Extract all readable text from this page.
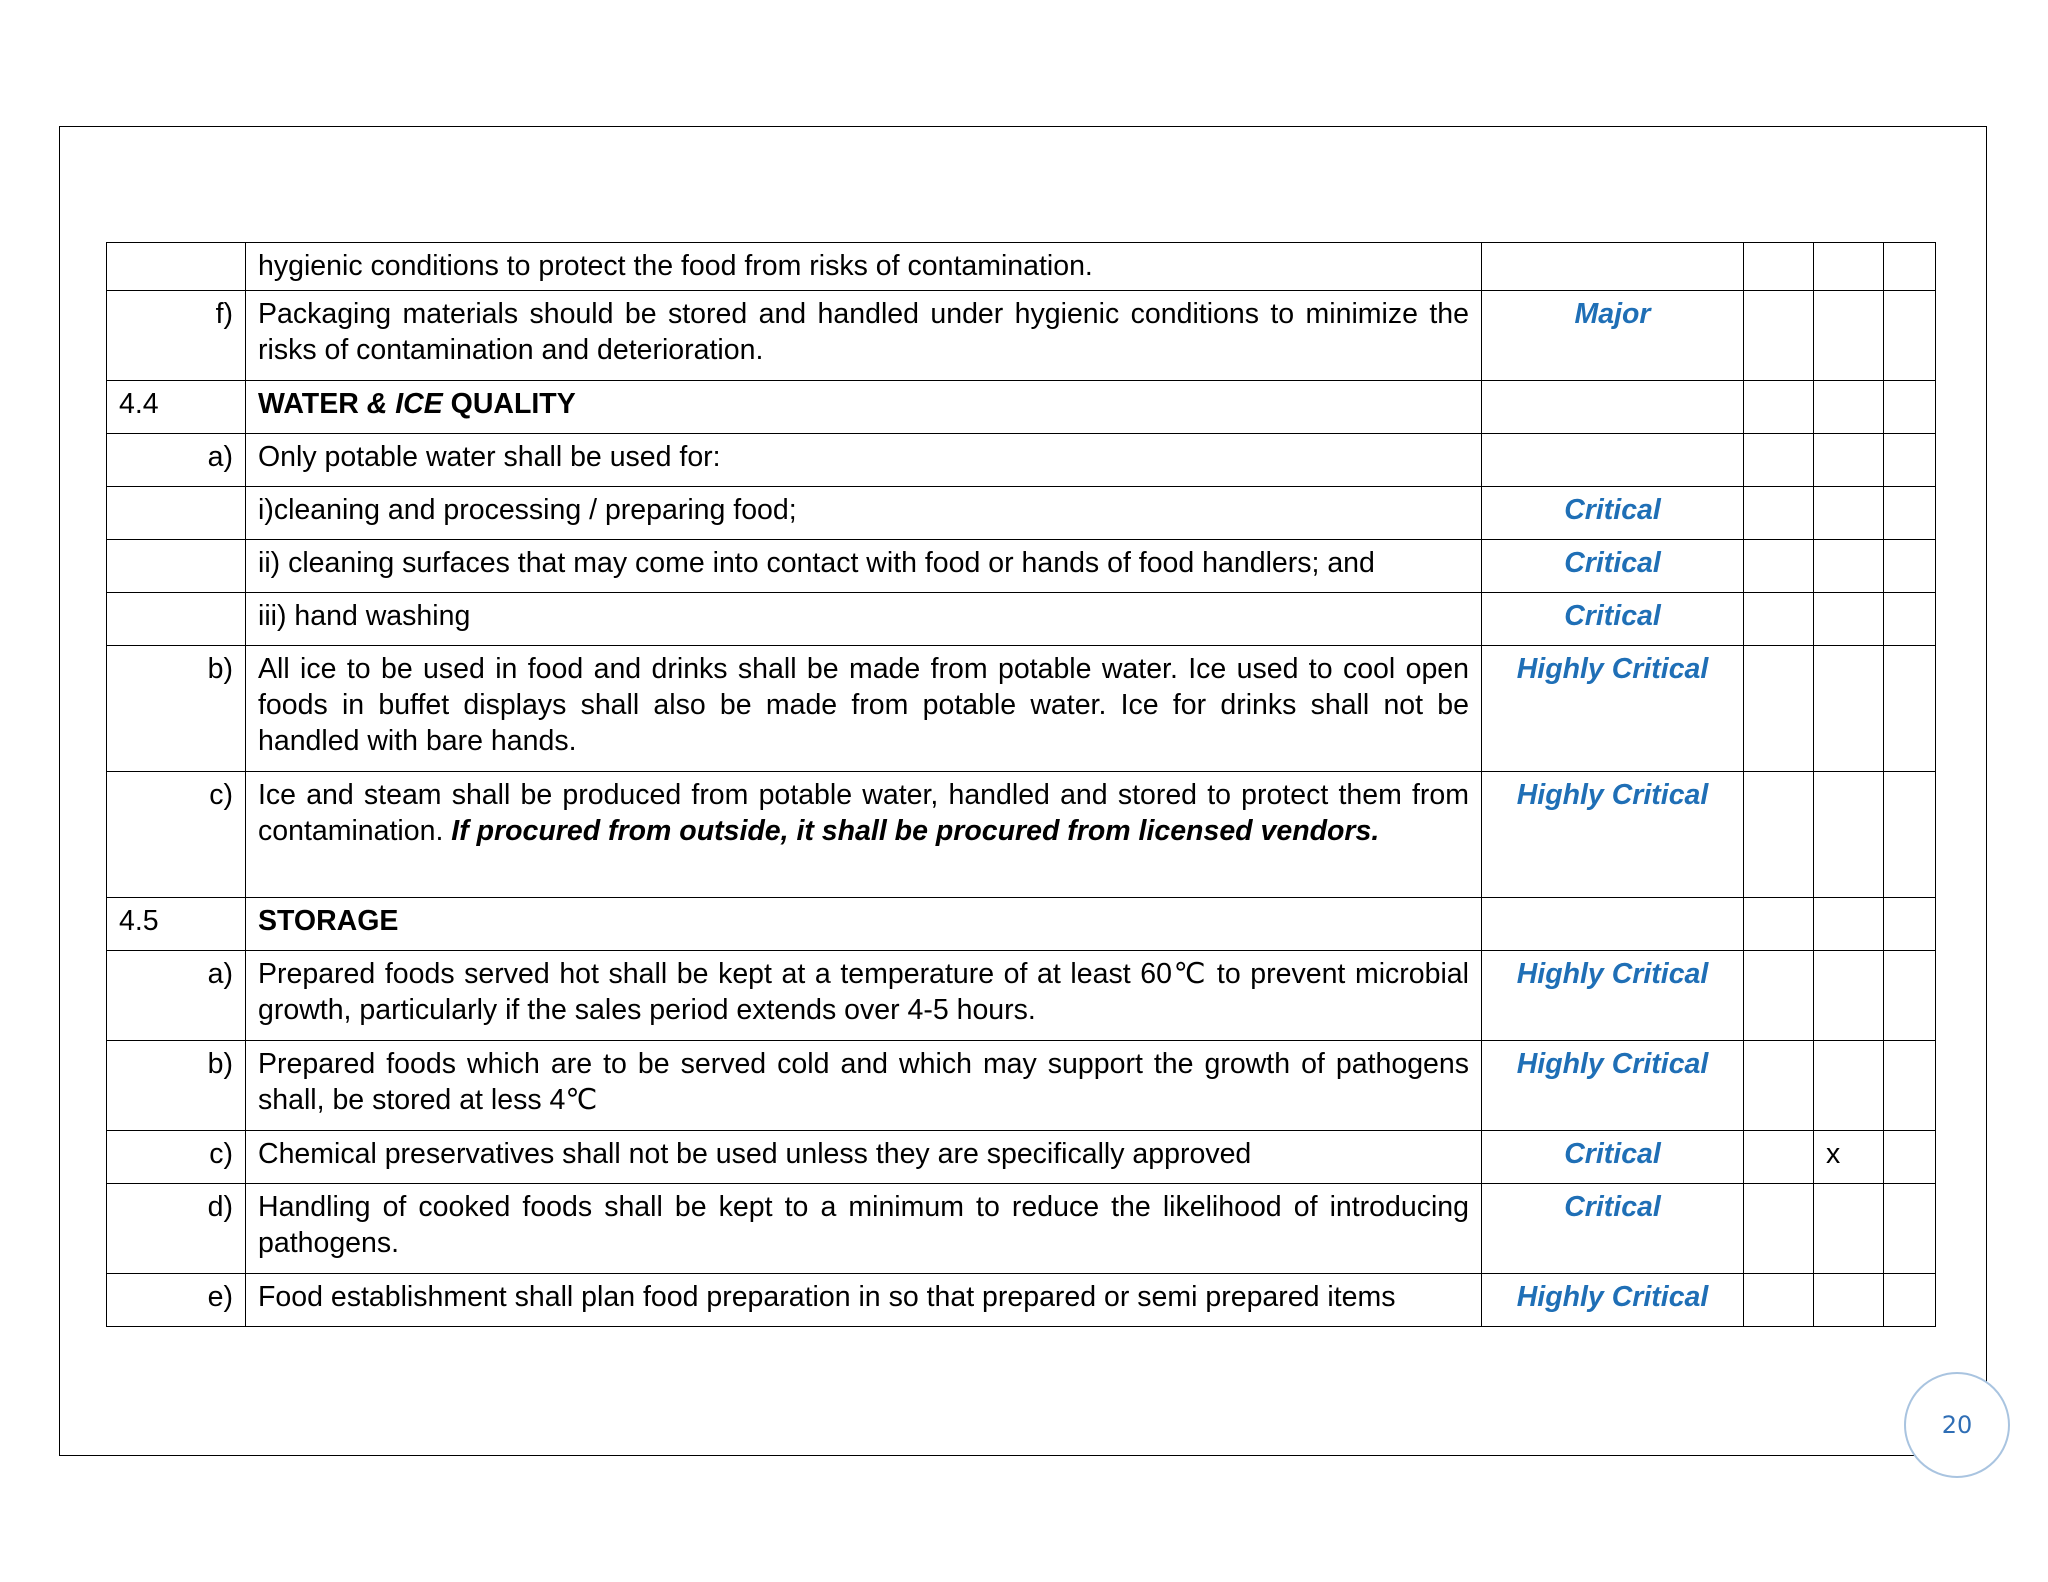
	hygienic conditions to protect the food from risks of contamination.				
f)	Packaging materials should be stored and handled under hygienic conditions to minimize the risks of contamination and deterioration.	Major			
4.4	WATER & ICE QUALITY				
a)	Only potable water shall be used for:				
	i)cleaning and processing / preparing food;	Critical			
	ii) cleaning surfaces that may come into contact with food or hands of food handlers; and	Critical			
	iii) hand washing	Critical			
b)	All ice to be used in food and drinks shall be made from potable water. Ice used to cool open foods in buffet displays shall also be made from potable water. Ice for drinks shall not be handled with bare hands.	Highly Critical			
c)	Ice and steam shall be produced from potable water, handled and stored to protect them from contamination. If procured from outside, it shall be procured from licensed vendors.	Highly Critical			
4.5	STORAGE				
a)	Prepared foods served hot shall be kept at a temperature of at least 60℃ to prevent microbial growth, particularly if the sales period extends over 4-5 hours.	Highly Critical			
b)	Prepared foods which are to be served cold and which may support the growth of pathogens shall, be stored at less 4℃	Highly Critical			
c)	Chemical preservatives shall not be used unless they are specifically approved	Critical		x	
d)	Handling of cooked foods shall be kept to a minimum to reduce the likelihood of introducing pathogens.	Critical			
e)	Food establishment shall plan food preparation in so that prepared or semi prepared items	Highly Critical			
20
